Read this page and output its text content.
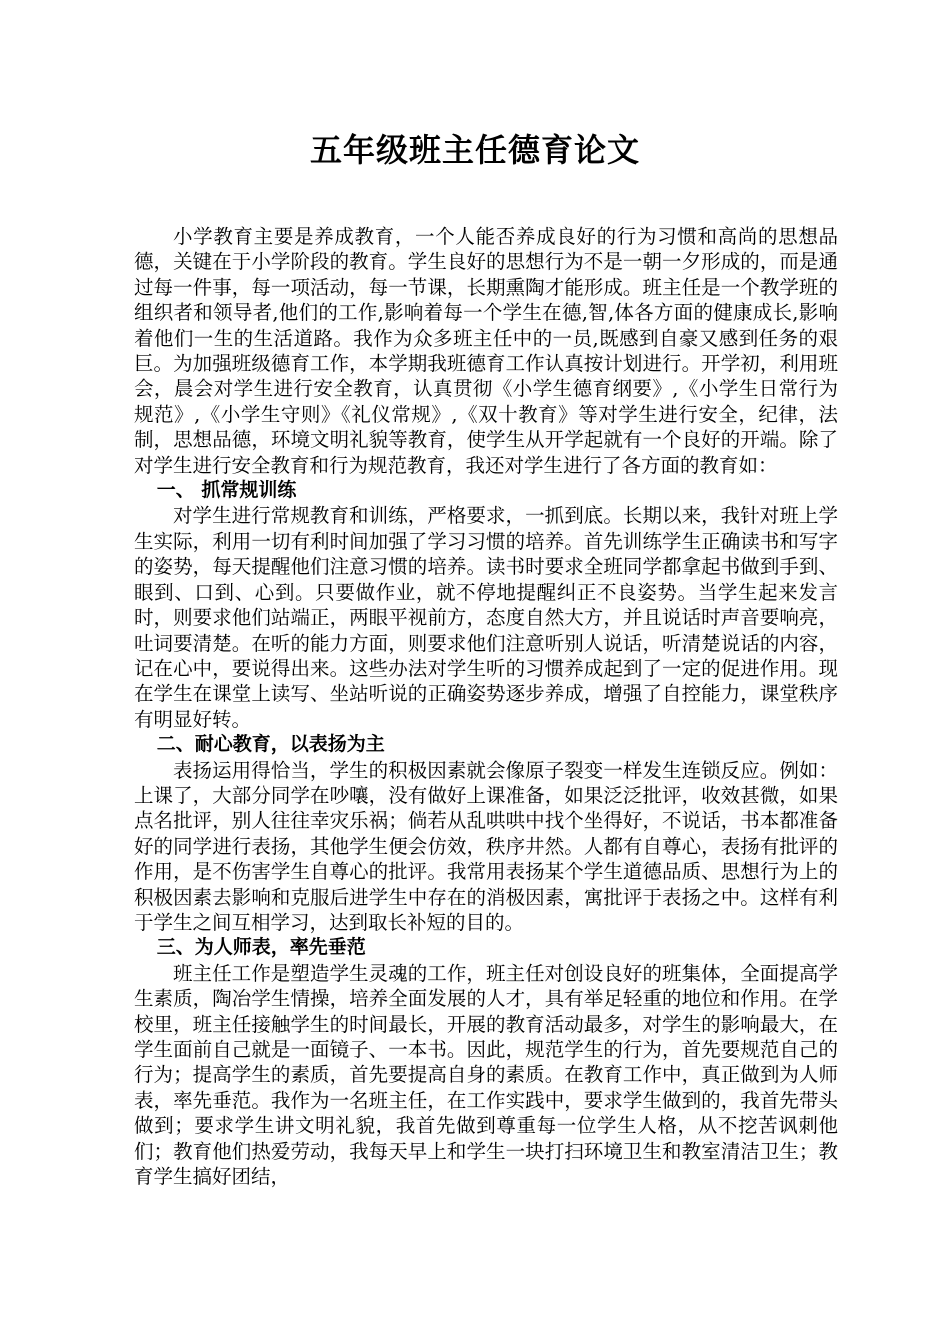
五年级班主任德育论文

小学教育主要是养成教育，一个人能否养成良好的行为习惯和高尚的思想品德，关键在于小学阶段的教育。学生良好的思想行为不是一朝一夕形成的，而是通过每一件事，每一项活动，每一节课，长期熏陶才能形成。班主任是一个教学班的组织者和领导者,他们的工作,影响着每一个学生在德,智,体各方面的健康成长,影响着他们一生的生活道路。我作为众多班主任中的一员,既感到自豪又感到任务的艰巨。为加强班级德育工作，本学期我班德育工作认真按计划进行。开学初，利用班会，晨会对学生进行安全教育，认真贯彻《小学生德育纲要》,《小学生日常行为规范》,《小学生守则》《礼仪常规》,《双十教育》等对学生进行安全，纪律，法制，思想品德，环境文明礼貌等教育，使学生从开学起就有一个良好的开端。除了对学生进行安全教育和行为规范教育，我还对学生进行了各方面的教育如：

一、 抓常规训练

对学生进行常规教育和训练，严格要求，一抓到底。长期以来，我针对班上学生实际，利用一切有利时间加强了学习习惯的培养。首先训练学生正确读书和写字的姿势，每天提醒他们注意习惯的培养。读书时要求全班同学都拿起书做到手到、眼到、口到、心到。只要做作业，就不停地提醒纠正不良姿势。当学生起来发言时，则要求他们站端正，两眼平视前方，态度自然大方，并且说话时声音要响亮，吐词要清楚。在听的能力方面，则要求他们注意听别人说话，听清楚说话的内容，记在心中，要说得出来。这些办法对学生听的习惯养成起到了一定的促进作用。现在学生在课堂上读写、坐站听说的正确姿势逐步养成，增强了自控能力，课堂秩序有明显好转。

二、耐心教育，以表扬为主

表扬运用得恰当，学生的积极因素就会像原子裂变一样发生连锁反应。例如：上课了，大部分同学在吵嚷，没有做好上课准备，如果泛泛批评，收效甚微，如果点名批评，别人往往幸灾乐祸；倘若从乱哄哄中找个坐得好，不说话，书本都准备好的同学进行表扬，其他学生便会仿效，秩序井然。人都有自尊心，表扬有批评的作用，是不伤害学生自尊心的批评。我常用表扬某个学生道德品质、思想行为上的积极因素去影响和克服后进学生中存在的消极因素，寓批评于表扬之中。这样有利于学生之间互相学习，达到取长补短的目的。

三、为人师表，率先垂范

班主任工作是塑造学生灵魂的工作，班主任对创设良好的班集体，全面提高学生素质，陶冶学生情操，培养全面发展的人才，具有举足轻重的地位和作用。在学校里，班主任接触学生的时间最长，开展的教育活动最多，对学生的影响最大，在学生面前自己就是一面镜子、一本书。因此，规范学生的行为，首先要规范自己的行为；提高学生的素质，首先要提高自身的素质。在教育工作中，真正做到为人师表，率先垂范。我作为一名班主任，在工作实践中，要求学生做到的，我首先带头做到；要求学生讲文明礼貌，我首先做到尊重每一位学生人格，从不挖苦讽刺他们；教育他们热爱劳动，我每天早上和学生一块打扫环境卫生和教室清洁卫生；教育学生搞好团结，
